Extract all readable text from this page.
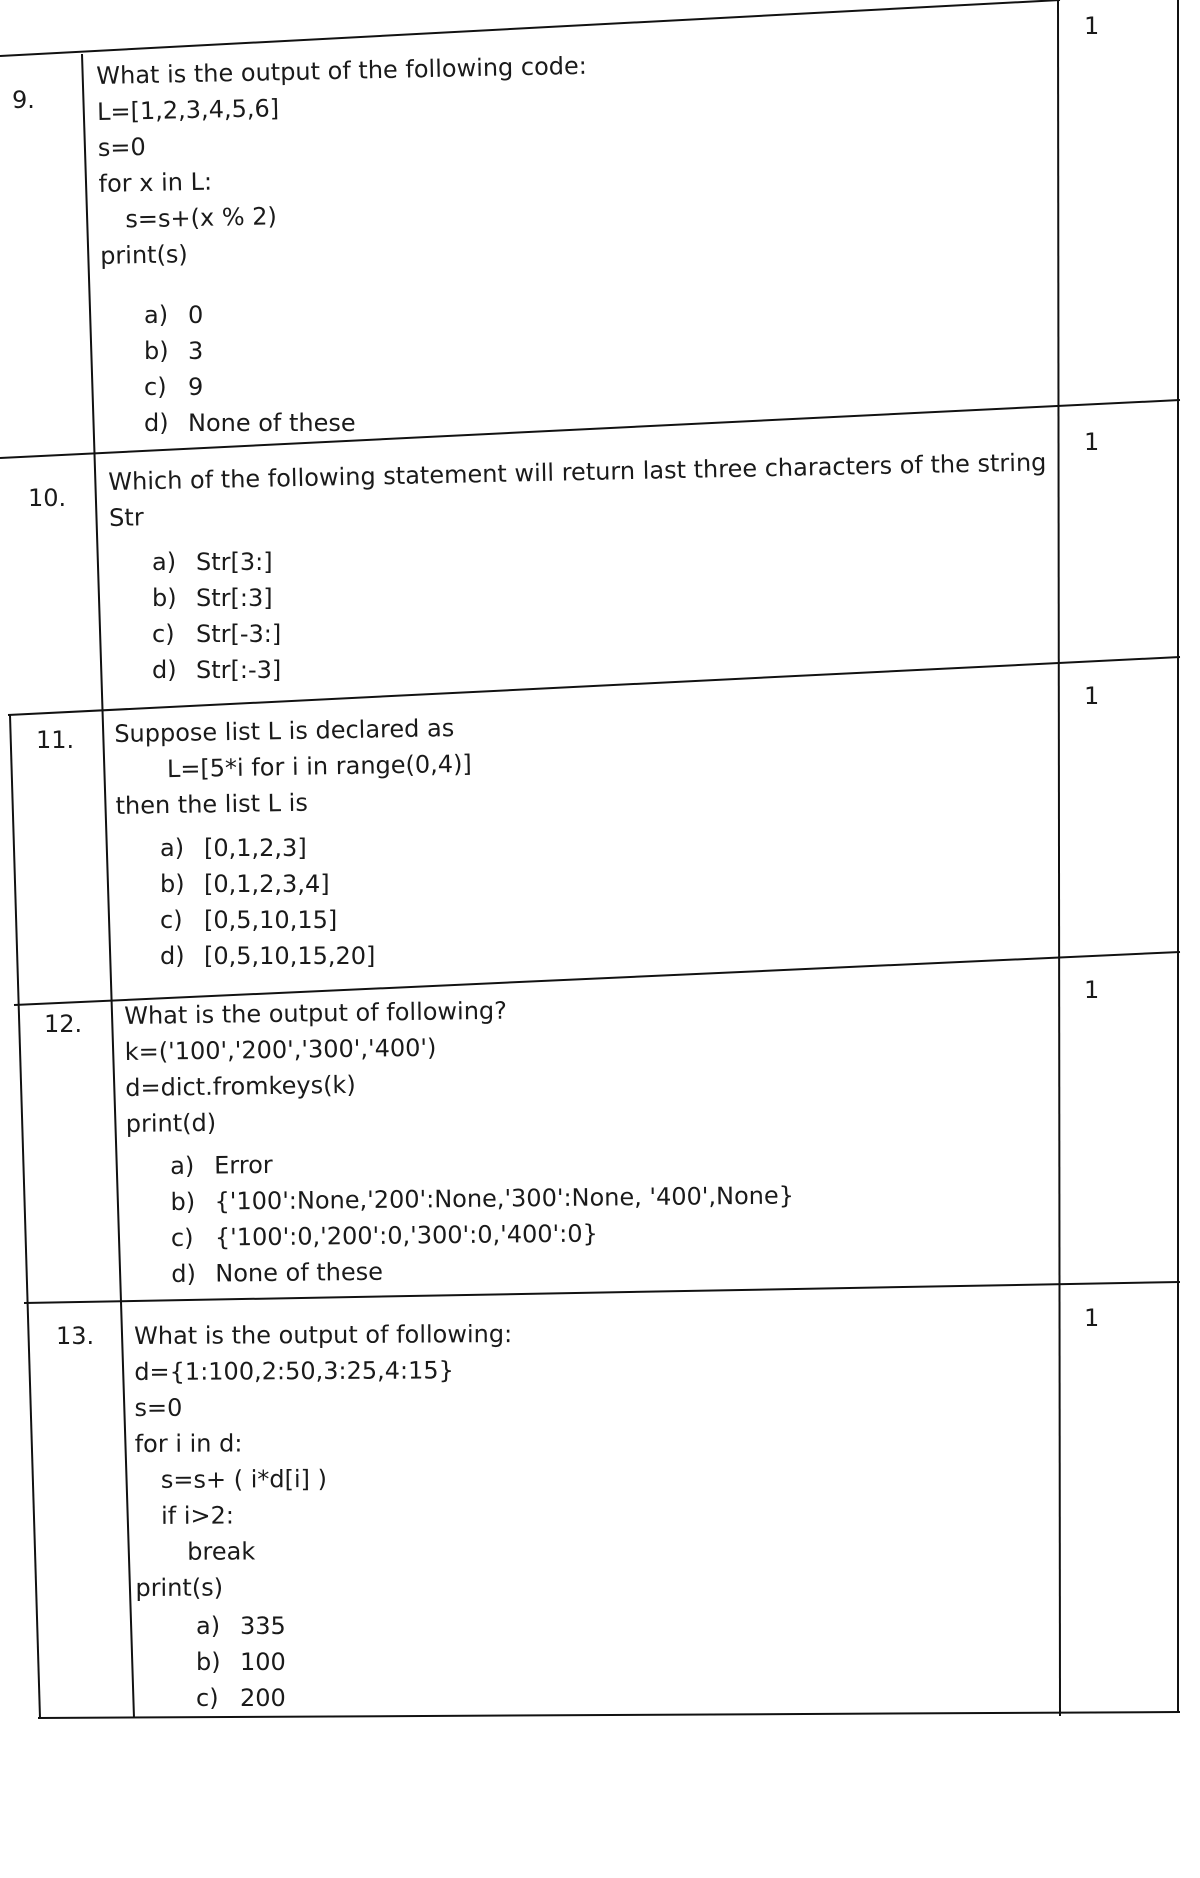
9.
1
What is the output of the following code:
L=[1,2,3,4,5,6]
s=0
for x in L:
s=s+(x % 2)
print(s)
a) 0
b) 3
c) 9
d) None of these
10.
1
Which of the following statement will return last three characters of the string
Str
a) Str[3:]
b) Str[:3]
c) Str[-3:]
d) Str[:-3]
11.
1
Suppose list L is declared as
L=[5*i for i in range(0,4)]
then the list L is
a) [0,1,2,3]
b) [0,1,2,3,4]
c) [0,5,10,15]
d) [0,5,10,15,20]
12.
1
What is the output of following?
k=('100','200','300','400')
d=dict.fromkeys(k)
print(d)
a) Error
b) {'100':None,'200':None,'300':None, '400',None}
c) {'100':0,'200':0,'300':0,'400':0}
d) None of these
13.
1
What is the output of following:
d={1:100,2:50,3:25,4:15}
s=0
for i in d:
s=s+ ( i*d[i] )
if i>2:
break
print(s)
a) 335
b) 100
c) 200
